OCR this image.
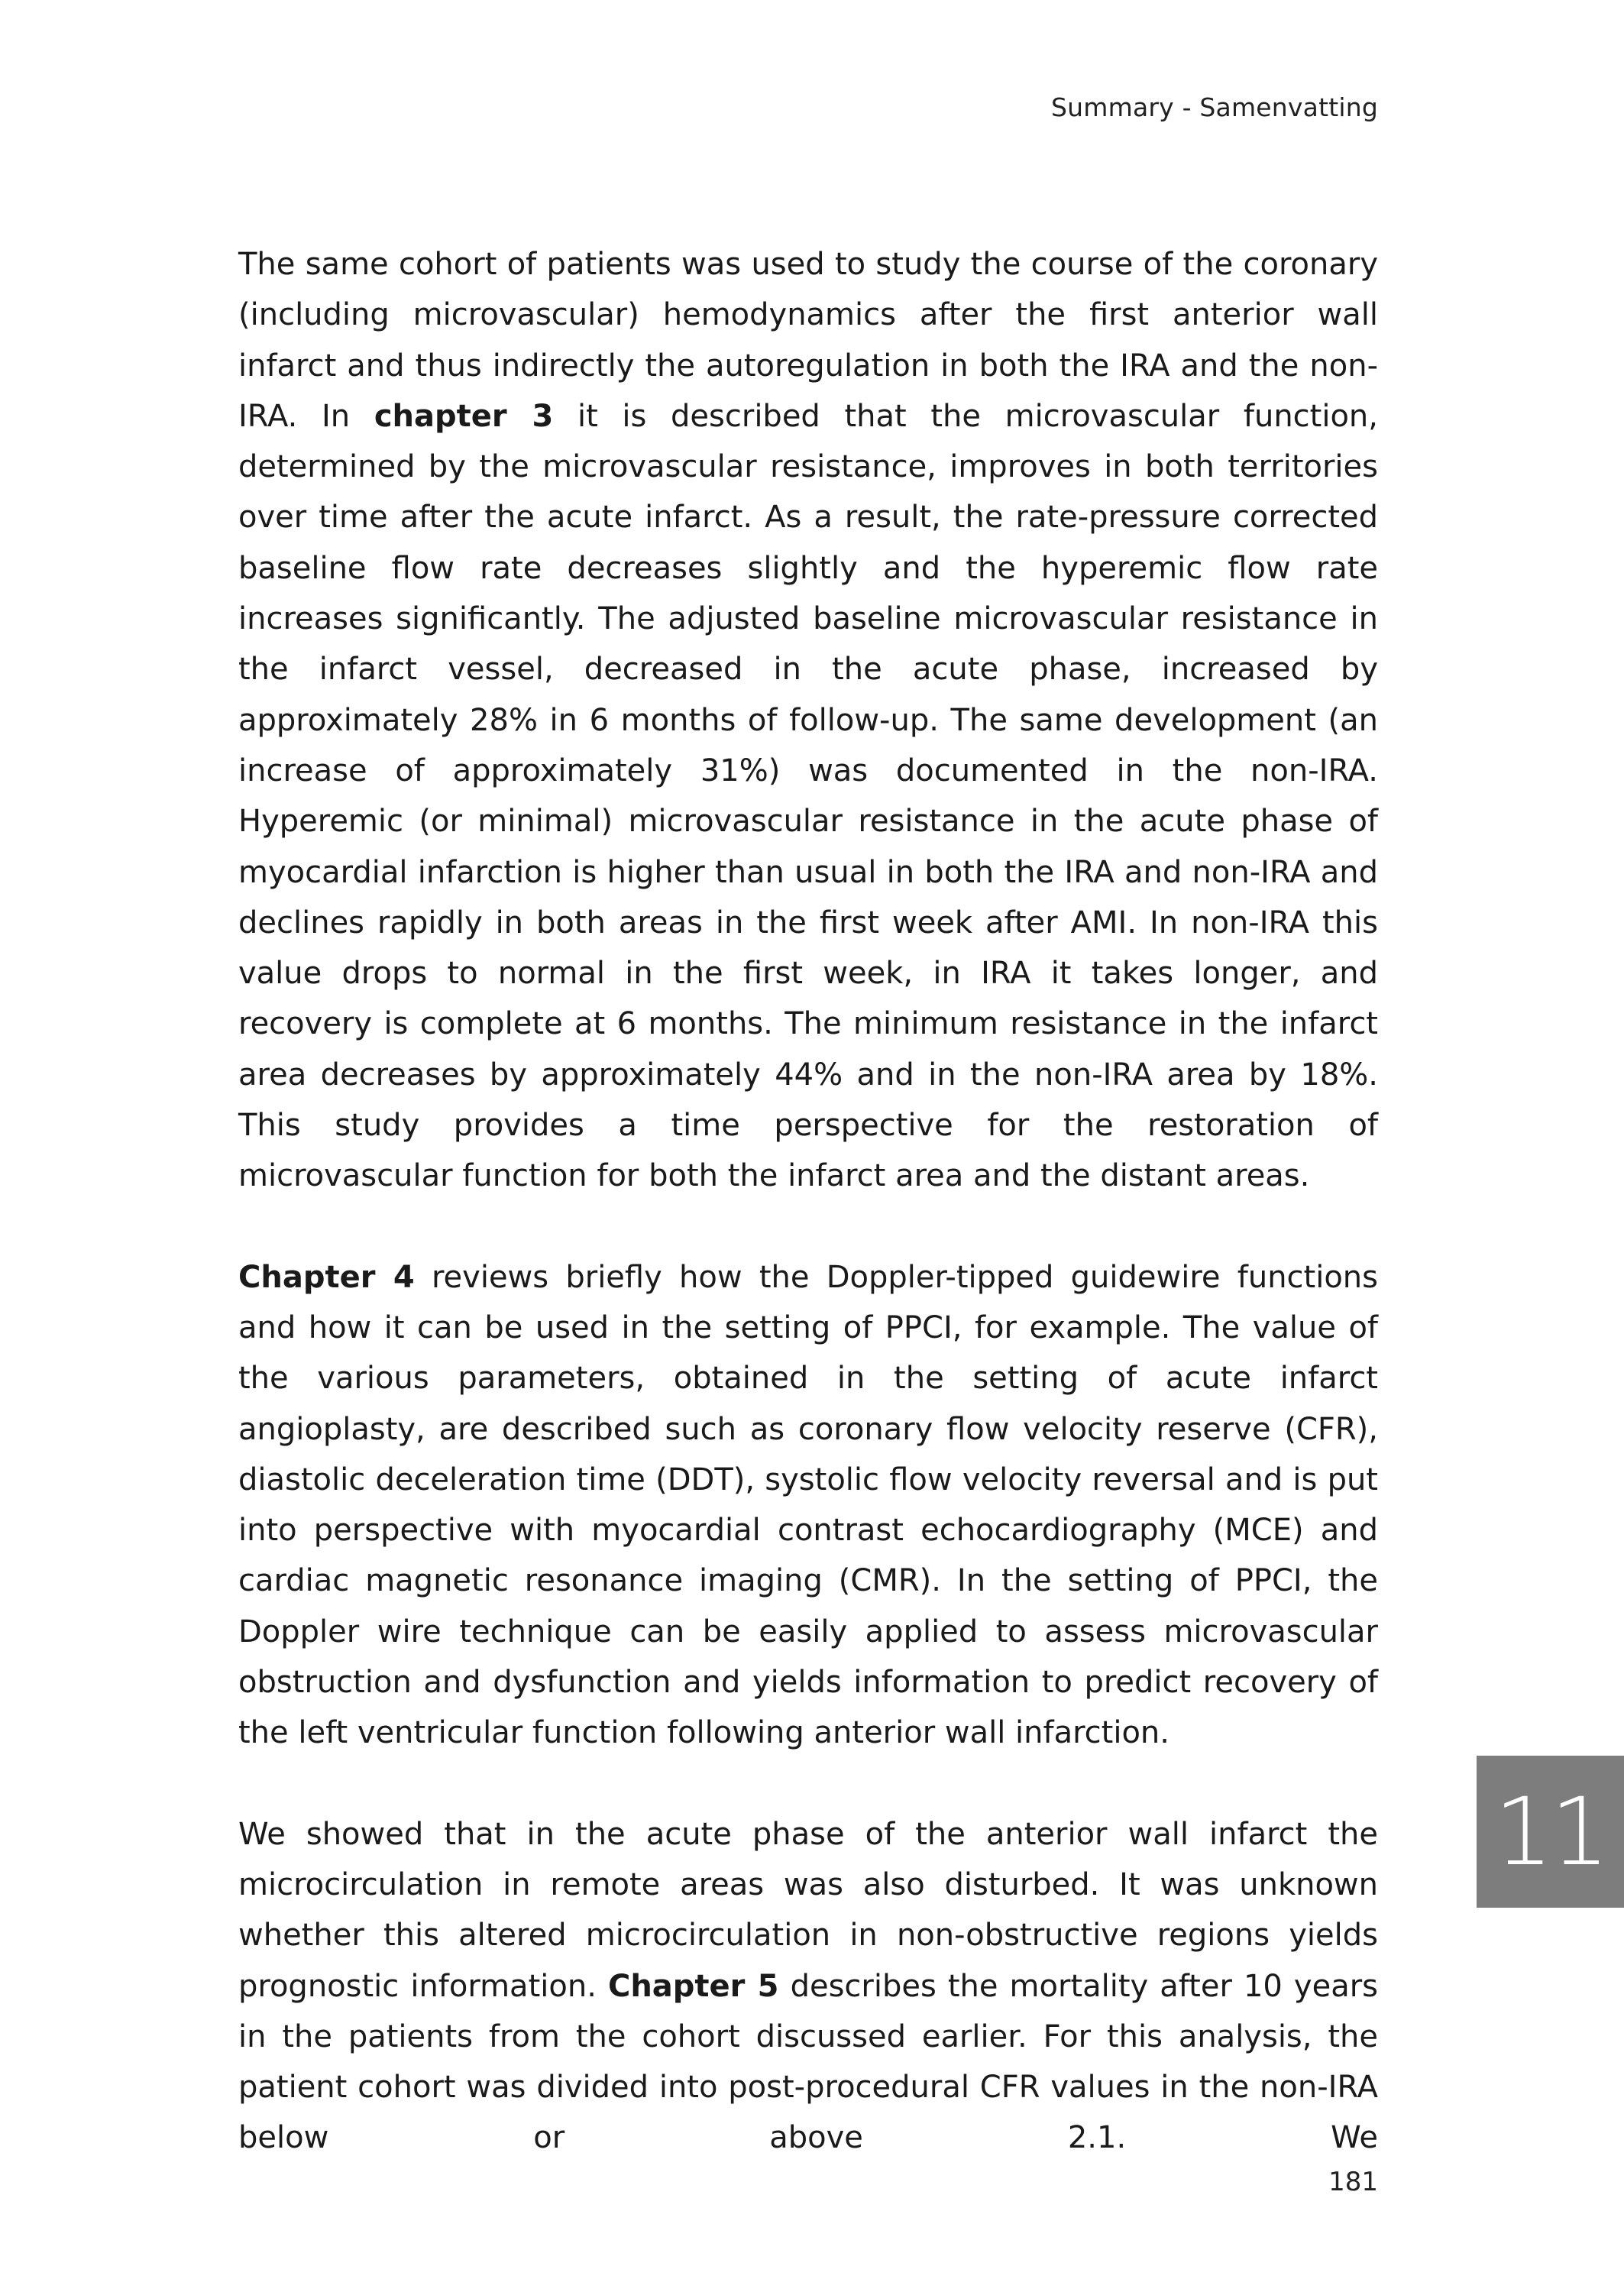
Summary - Samenvatting

The same cohort of patients was used to study the course of the coronary (including microvascular) hemodynamics after the first anterior wall infarct and thus indirectly the autoregulation in both the IRA and the non-IRA. In chapter 3 it is described that the microvascular function, determined by the microvascular resistance, improves in both territories over time after the acute infarct. As a result, the rate-pressure corrected baseline flow rate decreases slightly and the hyperemic flow rate increases significantly. The adjusted baseline microvascular resistance in the infarct vessel, decreased in the acute phase, increased by approximately 28% in 6 months of follow-up. The same development (an increase of approximately 31%) was documented in the non-IRA. Hyperemic (or minimal) microvascular resistance in the acute phase of myocardial infarction is higher than usual in both the IRA and non-IRA and declines rapidly in both areas in the first week after AMI. In non-IRA this value drops to normal in the first week, in IRA it takes longer, and recovery is complete at 6 months. The minimum resistance in the infarct area decreases by approximately 44% and in the non-IRA area by 18%. This study provides a time perspective for the restoration of microvascular function for both the infarct area and the distant areas.

Chapter 4 reviews briefly how the Doppler-tipped guidewire functions and how it can be used in the setting of PPCI, for example. The value of the various parameters, obtained in the setting of acute infarct angioplasty, are described such as coronary flow velocity reserve (CFR), diastolic deceleration time (DDT), systolic flow velocity reversal and is put into perspective with myocardial contrast echocardiography (MCE) and cardiac magnetic resonance imaging (CMR). In the setting of PPCI, the Doppler wire technique can be easily applied to assess microvascular obstruction and dysfunction and yields information to predict recovery of the left ventricular function following anterior wall infarction.

We showed that in the acute phase of the anterior wall infarct the microcirculation in remote areas was also disturbed. It was unknown whether this altered microcirculation in non-obstructive regions yields prognostic information. Chapter 5 describes the mortality after 10 years in the patients from the cohort discussed earlier. For this analysis, the patient cohort was divided into post-procedural CFR values in the non-IRA below or above 2.1. We

11
181
